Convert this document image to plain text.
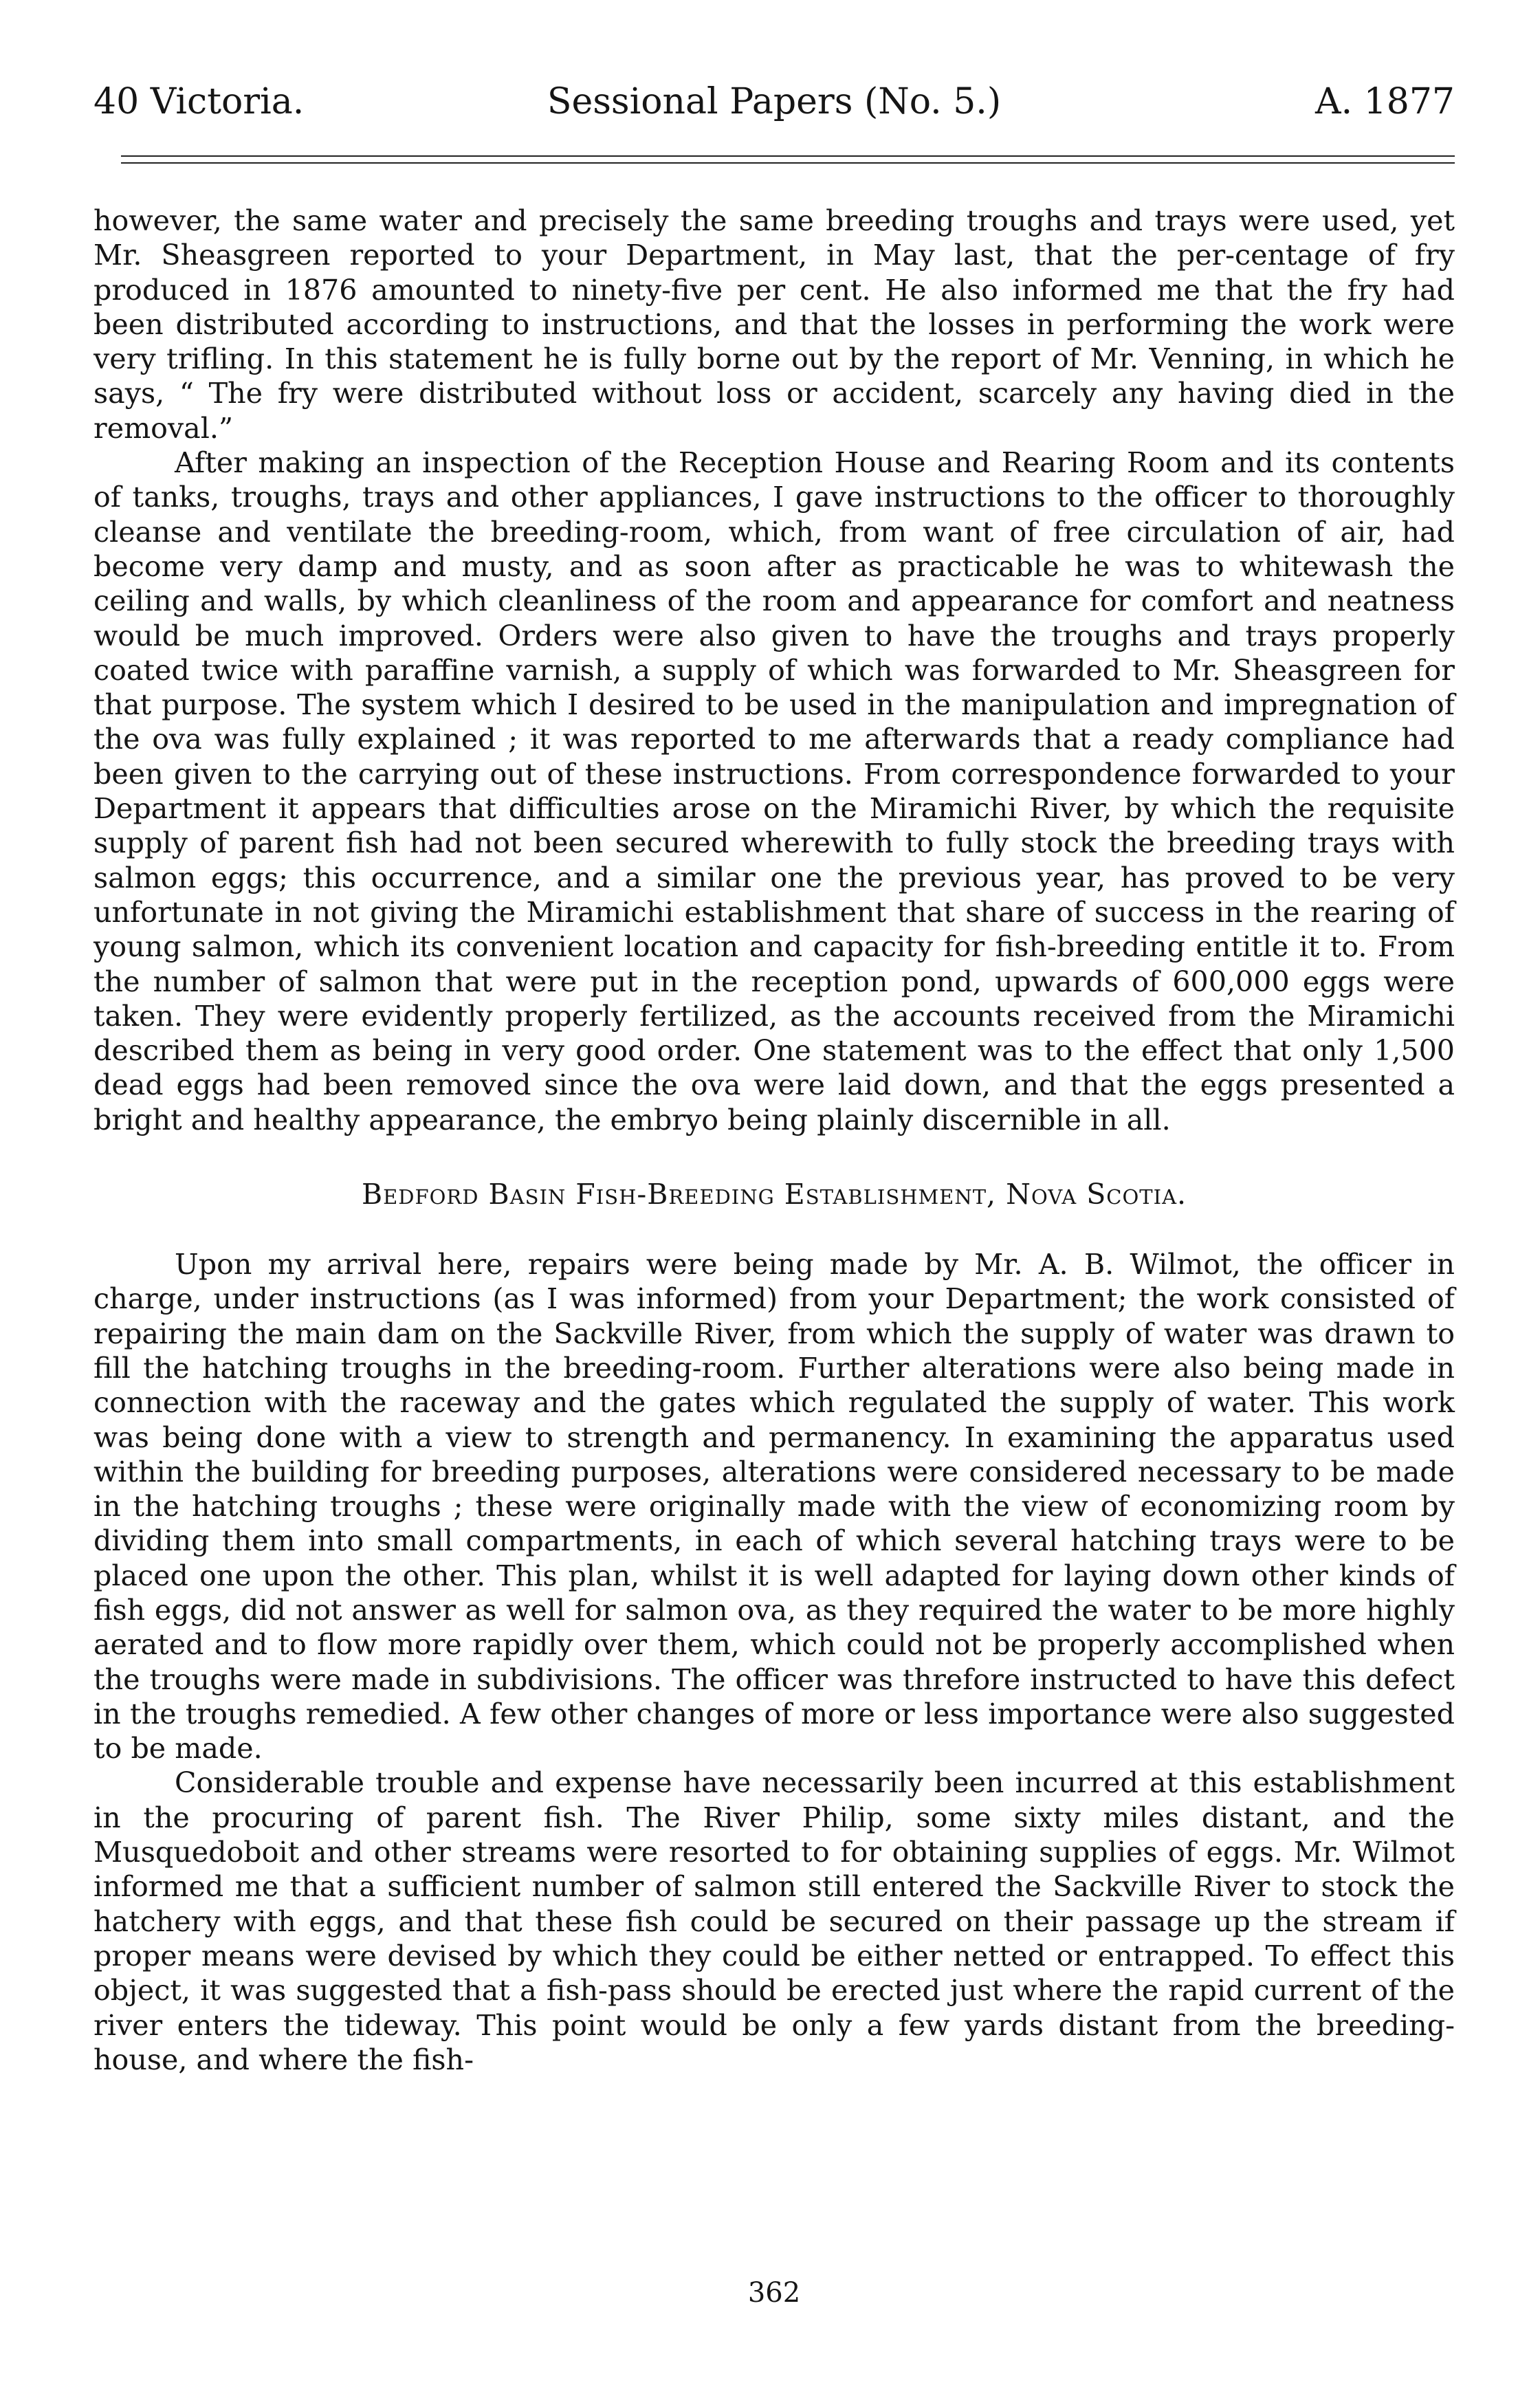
40 Victoria.	Sessional Papers (No. 5.)	A. 1877

however, the same water and precisely the same breeding troughs and trays were used, yet Mr. Sheasgreen reported to your Department, in May last, that the per-centage of fry produced in 1876 amounted to ninety-five per cent. He also informed me that the fry had been distributed according to instructions, and that the losses in performing the work were very trifling. In this statement he is fully borne out by the report of Mr. Venning, in which he says, “ The fry were distributed without loss or accident, scarcely any having died in the removal.”

After making an inspection of the Reception House and Rearing Room and its contents of tanks, troughs, trays and other appliances, I gave instructions to the officer to thoroughly cleanse and ventilate the breeding-room, which, from want of free circulation of air, had become very damp and musty, and as soon after as practicable he was to whitewash the ceiling and walls, by which cleanliness of the room and appearance for comfort and neatness would be much improved. Orders were also given to have the troughs and trays properly coated twice with paraffine varnish, a supply of which was forwarded to Mr. Sheasgreen for that purpose. The system which I desired to be used in the manipulation and impregnation of the ova was fully explained ; it was reported to me afterwards that a ready compliance had been given to the carrying out of these instructions. From correspondence forwarded to your Department it appears that difficulties arose on the Miramichi River, by which the requisite supply of parent fish had not been secured wherewith to fully stock the breeding trays with salmon eggs; this occurrence, and a similar one the previous year, has proved to be very unfortunate in not giving the Miramichi establishment that share of success in the rearing of young salmon, which its convenient location and capacity for fish-breeding entitle it to. From the number of salmon that were put in the reception pond, upwards of 600,000 eggs were taken. They were evidently properly fertilized, as the accounts received from the Miramichi described them as being in very good order. One statement was to the effect that only 1,500 dead eggs had been removed since the ova were laid down, and that the eggs presented a bright and healthy appearance, the embryo being plainly discernible in all.

Bedford Basin Fish-Breeding Establishment, Nova Scotia.

Upon my arrival here, repairs were being made by Mr. A. B. Wilmot, the officer in charge, under instructions (as I was informed) from your Department; the work consisted of repairing the main dam on the Sackville River, from which the supply of water was drawn to fill the hatching troughs in the breeding-room. Further alterations were also being made in connection with the raceway and the gates which regulated the supply of water. This work was being done with a view to strength and permanency. In examining the apparatus used within the building for breeding purposes, alterations were considered necessary to be made in the hatching troughs ; these were originally made with the view of economizing room by dividing them into small compartments, in each of which several hatching trays were to be placed one upon the other. This plan, whilst it is well adapted for laying down other kinds of fish eggs, did not answer as well for salmon ova, as they required the water to be more highly aerated and to flow more rapidly over them, which could not be properly accomplished when the troughs were made in subdivisions. The officer was threfore instructed to have this defect in the troughs remedied. A few other changes of more or less importance were also suggested to be made.

Considerable trouble and expense have necessarily been incurred at this establishment in the procuring of parent fish. The River Philip, some sixty miles distant, and the Musquedoboit and other streams were resorted to for obtaining supplies of eggs. Mr. Wilmot informed me that a sufficient number of salmon still entered the Sackville River to stock the hatchery with eggs, and that these fish could be secured on their passage up the stream if proper means were devised by which they could be either netted or entrapped. To effect this object, it was suggested that a fish-pass should be erected just where the rapid current of the river enters the tideway. This point would be only a few yards distant from the breeding-house, and where the fish-

362
